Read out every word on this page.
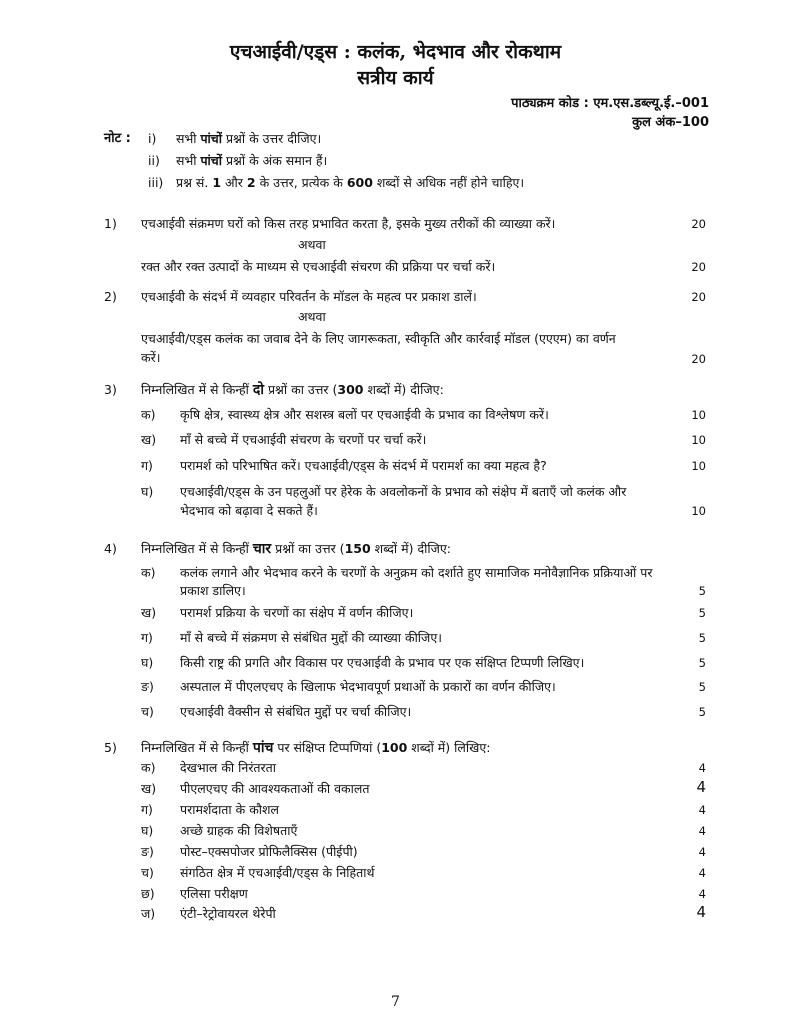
एचआईवी/एड्स : कलंक, भेदभाव और रोकथाम
सत्रीय कार्य
पाठ्यक्रम कोड : एम.एस.डब्ल्यू.ई.–001
कुल अंक–100
नोट : i) सभी पांचों प्रश्नों के उत्तर दीजिए।
ii) सभी पांचों प्रश्नों के अंक समान हैं।
iii) प्रश्न सं. 1 और 2 के उत्तर, प्रत्येक के 600 शब्दों से अधिक नहीं होने चाहिए।
1) एचआईवी संक्रमण घरों को किस तरह प्रभावित करता है, इसके मुख्य तरीकों की व्याख्या करें।	20
अथवा
रक्त और रक्त उत्पादों के माध्यम से एचआईवी संचरण की प्रक्रिया पर चर्चा करें।	20
2) एचआईवी के संदर्भ में व्यवहार परिवर्तन के मॉडल के महत्व पर प्रकाश डालें।	20
अथवा
एचआईवी/एड्स कलंक का जवाब देने के लिए जागरूकता, स्वीकृति और कार्रवाई मॉडल (एएएम) का वर्णन
करें।	20
3) निम्नलिखित में से किन्हीं दो प्रश्नों का उत्तर (300 शब्दों में) दीजिए:
क) कृषि क्षेत्र, स्वास्थ्य क्षेत्र और सशस्त्र बलों पर एचआईवी के प्रभाव का विश्लेषण करें।	10
ख) माँ से बच्चे में एचआईवी संचरण के चरणों पर चर्चा करें।	10
ग) परामर्श को परिभाषित करें। एचआईवी/एड्स के संदर्भ में परामर्श का क्या महत्व है?	10
घ) एचआईवी/एड्स के उन पहलुओं पर हेरेक के अवलोकनों के प्रभाव को संक्षेप में बताएँ जो कलंक और
भेदभाव को बढ़ावा दे सकते हैं।	10
4) निम्नलिखित में से किन्हीं चार प्रश्नों का उत्तर (150 शब्दों में) दीजिए:
क) कलंक लगाने और भेदभाव करने के चरणों के अनुक्रम को दर्शाते हुए सामाजिक मनोवैज्ञानिक प्रक्रियाओं पर
प्रकाश डालिए।	5
ख) परामर्श प्रक्रिया के चरणों का संक्षेप में वर्णन कीजिए।	5
ग) माँ से बच्चे में संक्रमण से संबंधित मुद्दों की व्याख्या कीजिए।	5
घ) किसी राष्ट्र की प्रगति और विकास पर एचआईवी के प्रभाव पर एक संक्षिप्त टिप्पणी लिखिए।	5
ङ) अस्पताल में पीएलएचए के खिलाफ भेदभावपूर्ण प्रथाओं के प्रकारों का वर्णन कीजिए।	5
च) एचआईवी वैक्सीन से संबंधित मुद्दों पर चर्चा कीजिए।	5
5) निम्नलिखित में से किन्हीं पांच पर संक्षिप्त टिप्पणियां (100 शब्दों में) लिखिए:
क) देखभाल की निरंतरता	4
ख) पीएलएचए की आवश्यकताओं की वकालत	4
ग) परामर्शदाता के कौशल	4
घ) अच्छे ग्राहक की विशेषताएँ	4
ङ) पोस्ट–एक्सपोजर प्रोफिलैक्सिस (पीईपी)	4
च) संगठित क्षेत्र में एचआईवी/एड्स के निहितार्थ	4
छ) एलिसा परीक्षण	4
ज) एंटी–रेट्रोवायरल थेरेपी	4
7
